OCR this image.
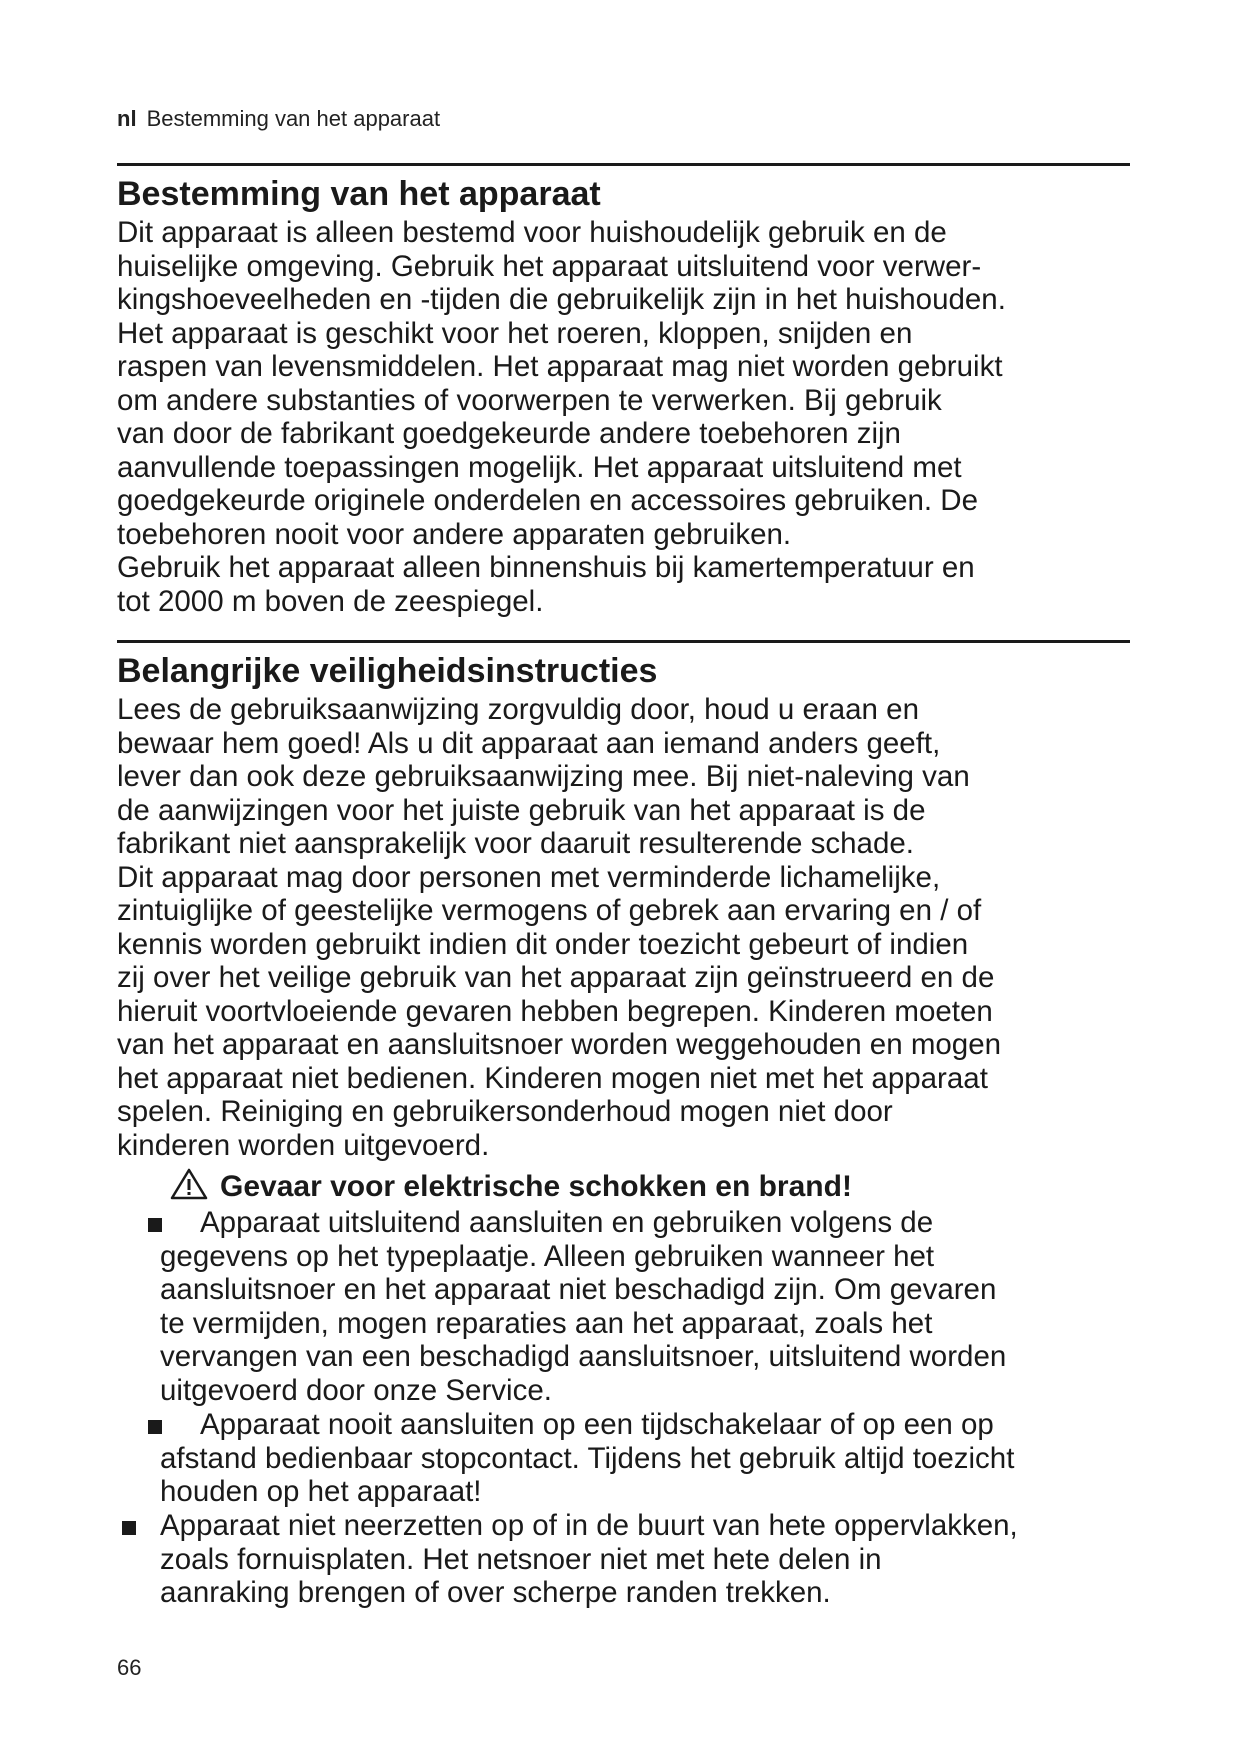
nl Bestemming van het apparaat
Bestemming van het apparaat

Dit apparaat is alleen bestemd voor huishoudelijk gebruik en de
huiselijke omgeving. Gebruik het apparaat uitsluitend voor verwer-
kingshoeveelheden en -tijden die gebruikelijk zijn in het huishouden.
Het apparaat is geschikt voor het roeren, kloppen, snijden en
raspen van levensmiddelen. Het apparaat mag niet worden gebruikt
om andere substanties of voorwerpen te verwerken. Bij gebruik
van door de fabrikant goedgekeurde andere toebehoren zijn
aanvullende toepassingen mogelijk. Het apparaat uitsluitend met
goedgekeurde originele onderdelen en accessoires gebruiken. De
toebehoren nooit voor andere apparaten gebruiken.
Gebruik het apparaat alleen binnenshuis bij kamertemperatuur en
tot 2000 m boven de zeespiegel.

Belangrijke veiligheidsinstructies

Lees de gebruiksaanwijzing zorgvuldig door, houd u eraan en
bewaar hem goed! Als u dit apparaat aan iemand anders geeft,
lever dan ook deze gebruiksaanwijzing mee. Bij niet-naleving van
de aanwijzingen voor het juiste gebruik van het apparaat is de
fabrikant niet aansprakelijk voor daaruit resulterende schade.
Dit apparaat mag door personen met verminderde lichamelijke,
zintuiglijke of geestelijke vermogens of gebrek aan ervaring en / of
kennis worden gebruikt indien dit onder toezicht gebeurt of indien
zij over het veilige gebruik van het apparaat zijn geïnstrueerd en de
hieruit voortvloeiende gevaren hebben begrepen. Kinderen moeten
van het apparaat en aansluitsnoer worden weggehouden en mogen
het apparaat niet bedienen. Kinderen mogen niet met het apparaat
spelen. Reiniging en gebruikersonderhoud mogen niet door
kinderen worden uitgevoerd.

Gevaar voor elektrische schokken en brand!
Apparaat uitsluitend aansluiten en gebruiken volgens de
gegevens op het typeplaatje. Alleen gebruiken wanneer het
aansluitsnoer en het apparaat niet beschadigd zijn. Om gevaren
te vermijden, mogen reparaties aan het apparaat, zoals het
vervangen van een beschadigd aansluitsnoer, uitsluitend worden
uitgevoerd door onze Service.
Apparaat nooit aansluiten op een tijdschakelaar of op een op
afstand bedienbaar stopcontact. Tijdens het gebruik altijd toezicht
houden op het apparaat!
Apparaat niet neerzetten op of in de buurt van hete oppervlakken,
zoals fornuisplaten. Het netsnoer niet met hete delen in
aanraking brengen of over scherpe randen trekken.
66
